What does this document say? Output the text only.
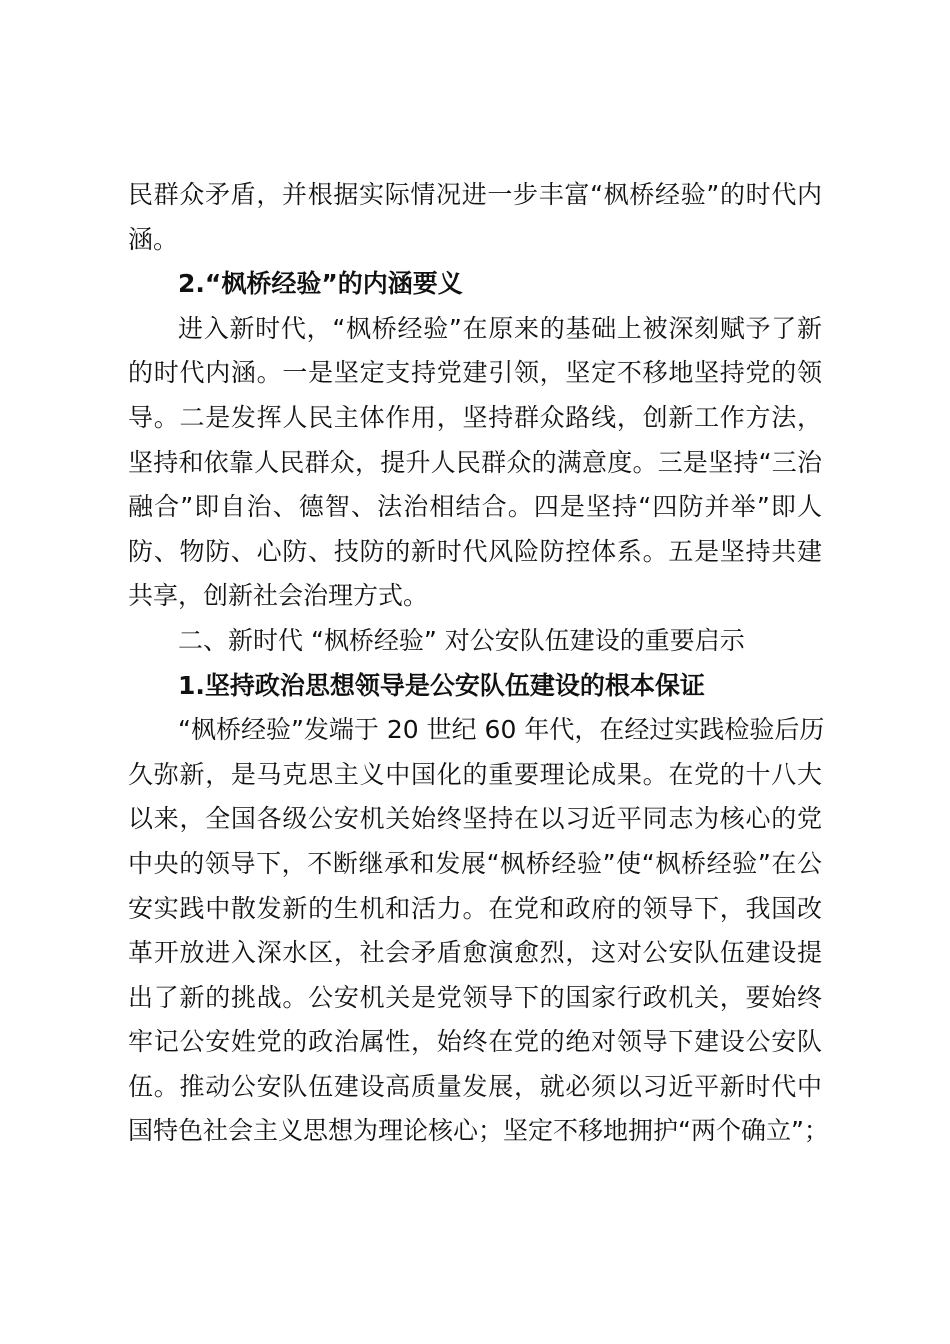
民群众矛盾，并根据实际情况进一步丰富“枫桥经验”的时代内
涵。
2.“枫桥经验”的内涵要义
进入新时代，“枫桥经验”在原来的基础上被深刻赋予了新
的时代内涵。一是坚定支持党建引领，坚定不移地坚持党的领
导。二是发挥人民主体作用，坚持群众路线，创新工作方法，
坚持和依靠人民群众，提升人民群众的满意度。三是坚持“三治
融合”即自治、德智、法治相结合。四是坚持“四防并举”即人
防、物防、心防、技防的新时代风险防控体系。五是坚持共建
共享，创新社会治理方式。
二、新时代 “枫桥经验” 对公安队伍建设的重要启示
1.坚持政治思想领导是公安队伍建设的根本保证
“枫桥经验”发端于 20 世纪 60 年代，在经过实践检验后历
久弥新，是马克思主义中国化的重要理论成果。在党的十八大
以来，全国各级公安机关始终坚持在以习近平同志为核心的党
中央的领导下，不断继承和发展“枫桥经验”使“枫桥经验”在公
安实践中散发新的生机和活力。在党和政府的领导下，我国改
革开放进入深水区，社会矛盾愈演愈烈，这对公安队伍建设提
出了新的挑战。公安机关是党领导下的国家行政机关，要始终
牢记公安姓党的政治属性，始终在党的绝对领导下建设公安队
伍。推动公安队伍建设高质量发展，就必须以习近平新时代中
国特色社会主义思想为理论核心；坚定不移地拥护“两个确立”；
